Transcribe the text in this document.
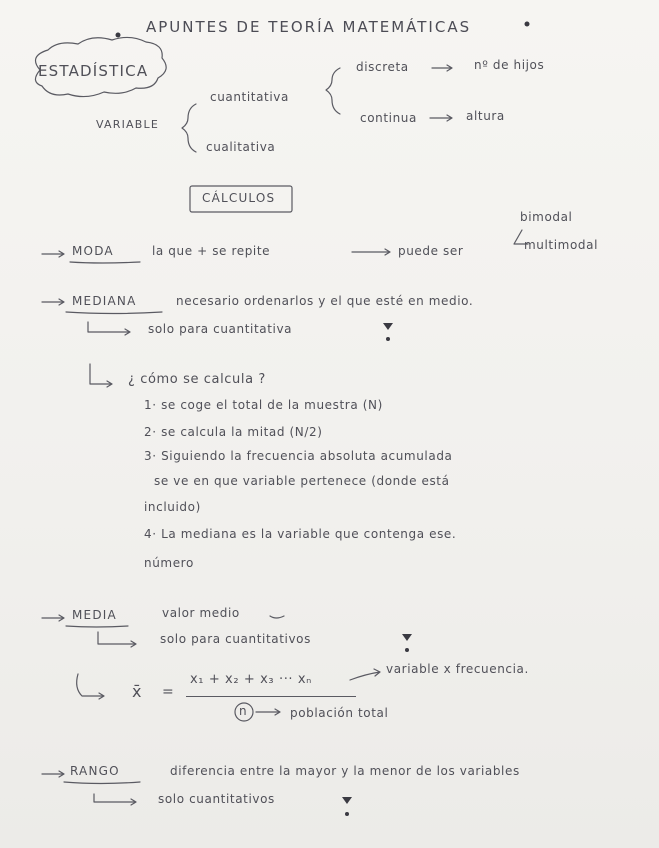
APUNTES DE TEORÍA MATEMÁTICAS
ESTADÍSTICA
VARIABLE
cuantitativa
cualitativa
discreta	nº de hijos
continua	altura
CÁLCULOS
MODA	la que + se repite	puede ser
bimodal
multimodal
MEDIANA	necesario ordenarlos y el que esté en medio.
solo para cuantitativa
¿ cómo se calcula ?
1· se coge el total de la muestra (N)
2· se calcula la mitad (N/2)
3· Siguiendo la frecuencia absoluta acumulada
se ve en que variable pertenece (donde está
incluido)
4· La mediana es la variable que contenga ese.
número
MEDIA	valor medio
solo para cuantitativos
x̄ =
x₁ + x₂ + x₃ ··· xₙ
variable x frecuencia.
n	población total
RANGO	diferencia entre la mayor y la menor de los variables
solo cuantitativos
